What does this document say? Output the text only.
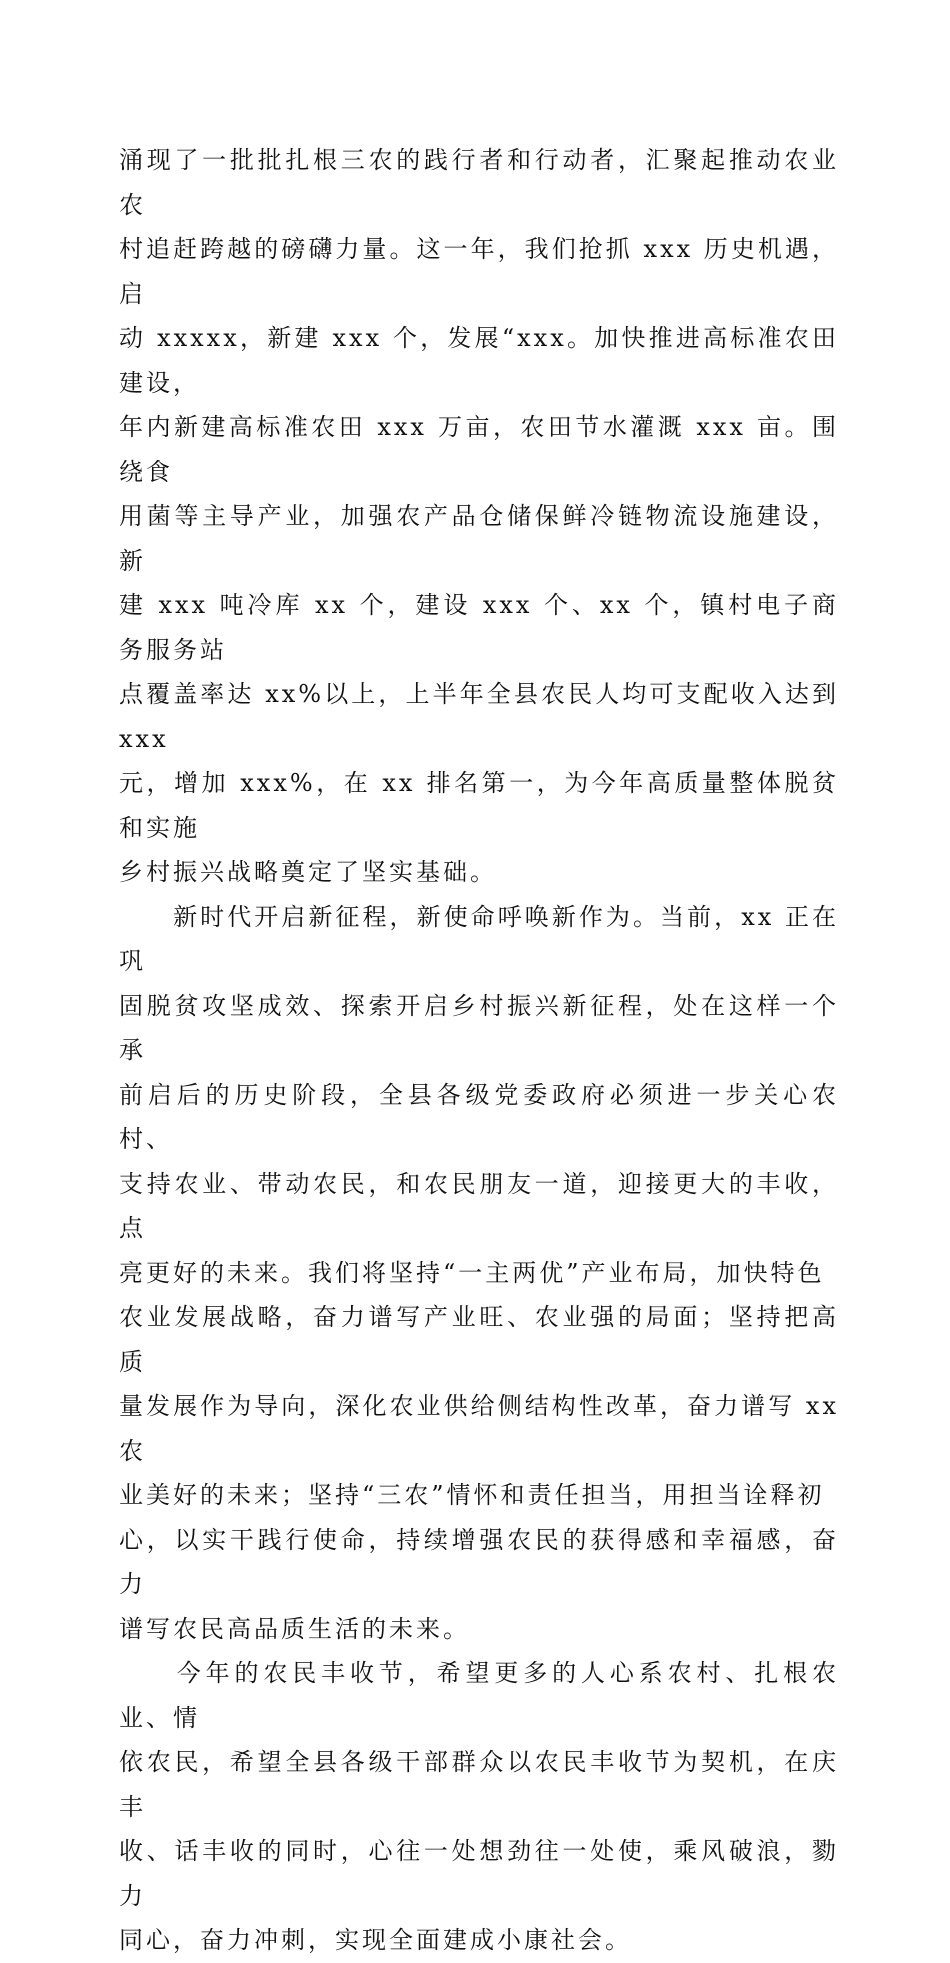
涌现了一批批扎根三农的践行者和行动者，汇聚起推动农业农
村追赶跨越的磅礴力量。这一年，我们抢抓 xxx 历史机遇，启
动 xxxxx，新建 xxx 个，发展“xxx。加快推进高标准农田建设，
年内新建高标准农田 xxx 万亩，农田节水灌溉 xxx 亩。围绕食
用菌等主导产业，加强农产品仓储保鲜冷链物流设施建设，新
建 xxx 吨冷库 xx 个，建设 xxx 个、xx 个，镇村电子商务服务站
点覆盖率达 xx%以上，上半年全县农民人均可支配收入达到 xxx
元，增加 xxx%，在 xx 排名第一，为今年高质量整体脱贫和实施
乡村振兴战略奠定了坚实基础。

　　新时代开启新征程，新使命呼唤新作为。当前，xx 正在巩
固脱贫攻坚成效、探索开启乡村振兴新征程，处在这样一个承
前启后的历史阶段，全县各级党委政府必须进一步关心农村、
支持农业、带动农民，和农民朋友一道，迎接更大的丰收，点
亮更好的未来。我们将坚持“一主两优”产业布局，加快特色
农业发展战略，奋力谱写产业旺、农业强的局面；坚持把高质
量发展作为导向，深化农业供给侧结构性改革，奋力谱写 xx 农
业美好的未来；坚持“三农”情怀和责任担当，用担当诠释初
心，以实干践行使命，持续增强农民的获得感和幸福感，奋力
谱写农民高品质生活的未来。

　　今年的农民丰收节，希望更多的人心系农村、扎根农业、情
依农民，希望全县各级干部群众以农民丰收节为契机，在庆丰
收、话丰收的同时，心往一处想劲往一处使，乘风破浪，勠力
同心，奋力冲刺，实现全面建成小康社会。
